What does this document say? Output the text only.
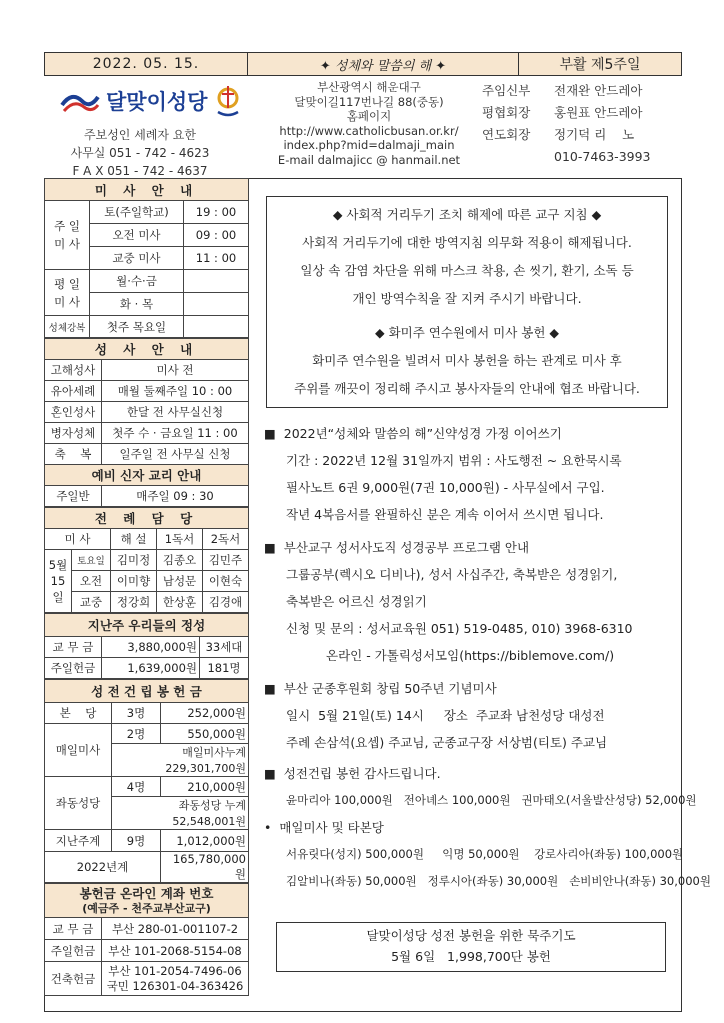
2022. 05. 15.	✦ 성체와 말씀의 해 ✦	부활 제5주일
달맞이성당
주보성인 세례자 요한
사무실 051 - 742 - 4623
F A X 051 - 742 - 4637
부산광역시 해운대구
달맞이길117번나길 88(중동)
홈페이지
http://www.catholicbusan.or.kr/
index.php?mid=dalmaji_main
E-mail dalmajicc @ hanmail.net
주임신부	전재완 안드레아
평협회장	홍원표 안드레아
연도회장	정기덕 리    노
010-7463-3993
미 사 안 내		
주 일 미 사	토(주일학교)	19 : 00
	오전 미사	09 : 00
	교중 미사	11 : 00
평 일 미 사	월·수·금	
	화 · 목	
성체강복	첫주 목요일	
성 사 안 내	
고해성사	미사 전
유아세례	매월 둘째주일 10 : 00
혼인성사	한달 전 사무실신청
병자성체	첫주 수 · 금요일 11 : 00
축    복	일주일 전 사무실 신청
예비 신자 교리 안내	
주일반	매주일 09 : 30
전 례 담 당				
미 사		해 설	1독서	2독서
5월 15일	토요일	김미정	김종오	김민주
	오전	이미향	남성문	이현숙
	교중	정강희	한상훈	김경애
지난주 우리들의 정성		
교 무 금	3,880,000원	33세대
주일헌금	1,639,000원	181명
성 전 건 립 봉 헌 금		
본    당	3명	252,000원
매일미사	2명	550,000원
	매일미사누계 229,301,700원	
좌동성당	4명	210,000원
	좌동성당 누계 52,548,001원	
지난주계	9명	1,012,000원
2022년계		165,780,000원
봉헌금 온라인 계좌 번호
(예금주 - 천주교부산교구)	

교 무 금	부산 280-01-001107-2
주일헌금	부산 101-2068-5154-08
건축헌금	부산 101-2054-7496-06
국민 126301-04-363426

◆ 사회적 거리두기 조치 해제에 따른 교구 지침 ◆

사회적 거리두기에 대한 방역지침 의무화 적용이 해제됩니다.

일상 속 감염 차단을 위해 마스크 착용, 손 씻기, 환기, 소독 등

개인 방역수칙을 잘 지켜 주시기 바랍니다.

◆ 화미주 연수원에서 미사 봉헌 ◆

화미주 연수원을 빌려서 미사 봉헌을 하는 관계로 미사 후

주위를 깨끗이 정리해 주시고 봉사자들의 안내에 협조 바랍니다.

■  2022년“성체와 말씀의 해”신약성경 가정 이어쓰기
기간 : 2022년 12월 31일까지 범위 : 사도행전 ~ 요한묵시록
필사노트 6권 9,000원(7권 10,000원) - 사무실에서 구입.
작년 4복음서를 완필하신 분은 계속 이어서 쓰시면 됩니다.
■  부산교구 성서사도직 성경공부 프로그램 안내
그룹공부(렉시오 디비나), 성서 사십주간, 축복받은 성경읽기,
축복받은 어르신 성경읽기
신청 및 문의 : 성서교육원 051) 519-0485, 010) 3968-6310
온라인 - 가톨릭성서모임(https://biblemove.com/)
■  부산 군종후원회 창립 50주년 기념미사
일시  5월 21일(토) 14시     장소  주교좌 남천성당 대성전
주례 손삼석(요셉) 주교님, 군종교구장 서상범(티토) 주교님
■  성전건립 봉헌 감사드립니다.
윤마리아 100,000원   전아녜스 100,000원   권마태오(서울발산성당) 52,000원
•  매일미사 및 타본당
서유릿다(성지) 500,000원     익명 50,000원    강로사리아(좌동) 100,000원
김알비나(좌동) 50,000원   정루시아(좌동) 30,000원   손비비안나(좌동) 30,000원
달맞이성당 성전 봉헌을 위한 묵주기도
5월 6일   1,998,700단 봉헌
